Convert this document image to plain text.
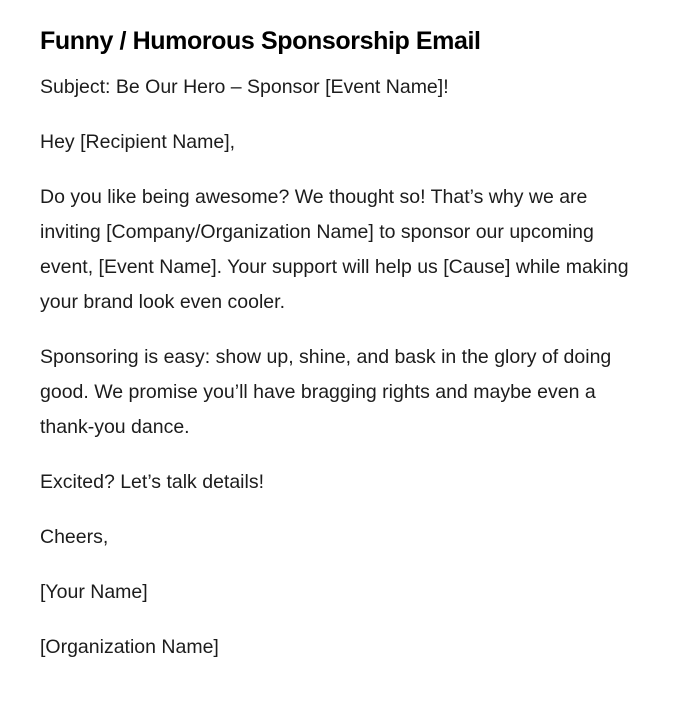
Funny / Humorous Sponsorship Email

Subject: Be Our Hero – Sponsor [Event Name]!

Hey [Recipient Name],

Do you like being awesome? We thought so! That’s why we are inviting [Company/Organization Name] to sponsor our upcoming event, [Event Name]. Your support will help us [Cause] while making your brand look even cooler.

Sponsoring is easy: show up, shine, and bask in the glory of doing good. We promise you’ll have bragging rights and maybe even a thank-you dance.

Excited? Let’s talk details!

Cheers,

[Your Name]

[Organization Name]
